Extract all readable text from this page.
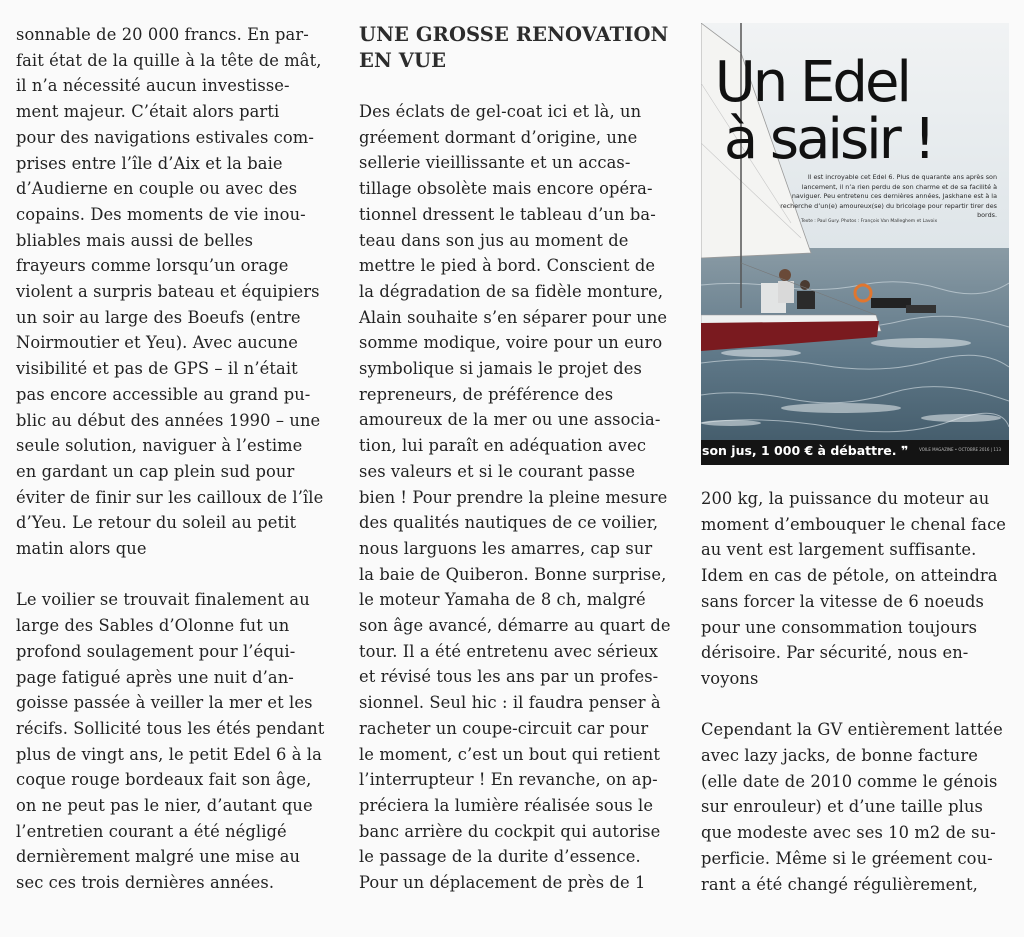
sonnable de 20 000 francs. En par-

fait état de la quille à la tête de mât,

il n’a nécessité aucun investisse-

ment majeur. C’était alors parti

pour des navigations estivales com-

prises entre l’île d’Aix et la baie

d’Audierne en couple ou avec des

copains. Des moments de vie inou-

bliables mais aussi de belles

frayeurs comme lorsqu’un orage

violent a surpris bateau et équipiers

un soir au large des Boeufs (entre

Noirmoutier et Yeu). Avec aucune

visibilité et pas de GPS – il n’était

pas encore accessible au grand pu-

blic au début des années 1990 – une

seule solution, naviguer à l’estime

en gardant un cap plein sud pour

éviter de finir sur les cailloux de l’île

d’Yeu. Le retour du soleil au petit

matin alors que

Le voilier se trouvait finalement au

large des Sables d’Olonne fut un

profond soulagement pour l’équi-

page fatigué après une nuit d’an-

goisse passée à veiller la mer et les

récifs. Sollicité tous les étés pendant

plus de vingt ans, le petit Edel 6 à la

coque rouge bordeaux fait son âge,

on ne peut pas le nier, d’autant que

l’entretien courant a été négligé

dernièrement malgré une mise au

sec ces trois dernières années.

UNE GROSSE RENOVATION

EN VUE

Des éclats de gel-coat ici et là, un

gréement dormant d’origine, une

sellerie vieillissante et un accas-

tillage obsolète mais encore opéra-

tionnel dressent le tableau d’un ba-

teau dans son jus au moment de

mettre le pied à bord. Conscient de

la dégradation de sa fidèle monture,

Alain souhaite s’en séparer pour une

somme modique, voire pour un euro

symbolique si jamais le projet des

repreneurs, de préférence des

amoureux de la mer ou une associa-

tion, lui paraît en adéquation avec

ses valeurs et si le courant passe

bien ! Pour prendre la pleine mesure

des qualités nautiques de ce voilier,

nous larguons les amarres, cap sur

la baie de Quiberon. Bonne surprise,

le moteur Yamaha de 8 ch, malgré

son âge avancé, démarre au quart de

tour. Il a été entretenu avec sérieux

et révisé tous les ans par un profes-

sionnel. Seul hic : il faudra penser à

racheter un coupe-circuit car pour

le moment, c’est un bout qui retient

l’interrupteur ! En revanche, on ap-

préciera la lumière réalisée sous le

banc arrière du cockpit qui autorise

le passage de la durite d’essence.

Pour un déplacement de près de 1

Un Edel
à saisir !
Il est incroyable cet Edel 6. Plus de quarante ans après son lancement, il n’a rien perdu de son charme et de sa facilité à naviguer. Peu entretenu ces dernières années, Jaskhane est à la recherche d’un(e) amoureux(se) du bricolage pour repartir tirer des bords.
Texte : Paul Gury. Photos : François Van Malleghem et Lavoix
son jus, 1 000 € à débattre. ❞	VOILE MAGAZINE • OCTOBRE 2016 | 113

200 kg, la puissance du moteur au

moment d’embouquer le chenal face

au vent est largement suffisante.

Idem en cas de pétole, on atteindra

sans forcer la vitesse de 6 noeuds

pour une consommation toujours

dérisoire. Par sécurité, nous en-

voyons

Cependant la GV entièrement lattée

avec lazy jacks, de bonne facture

(elle date de 2010 comme le génois

sur enrouleur) et d’une taille plus

que modeste avec ses 10 m2 de su-

perficie. Même si le gréement cou-

rant a été changé régulièrement,
